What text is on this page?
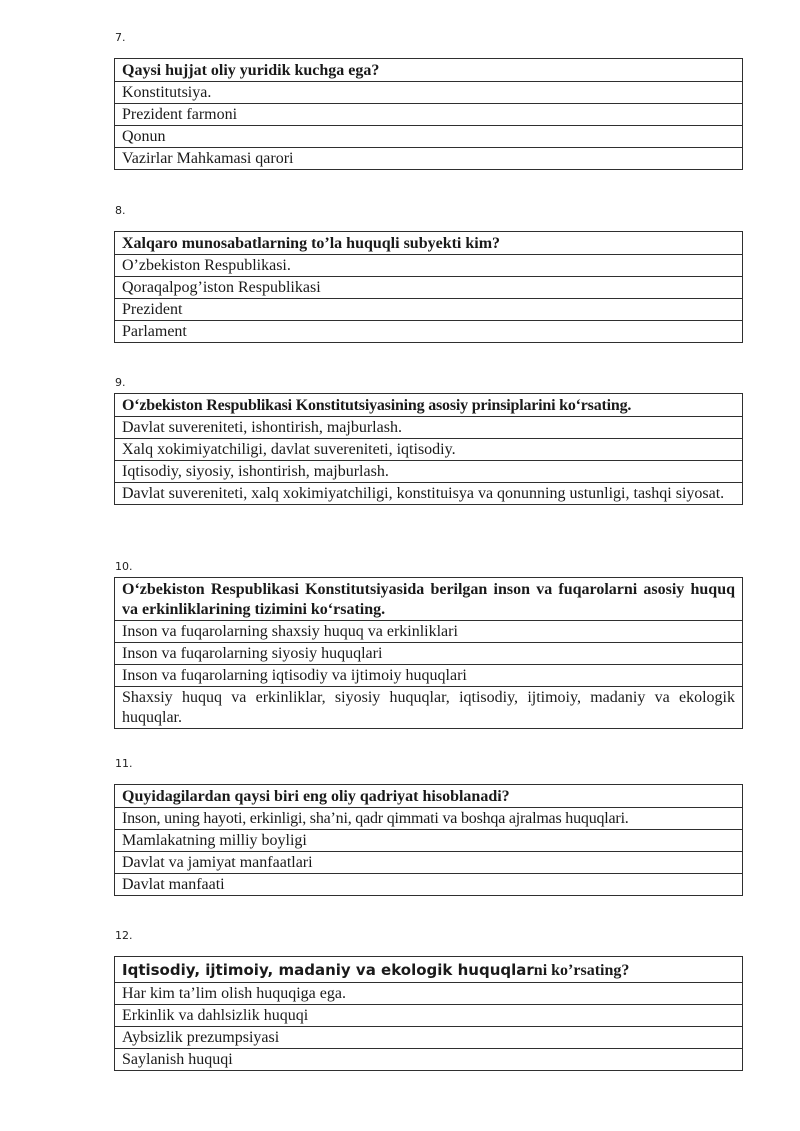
7.
Qaysi hujjat oliy yuridik kuchga ega?
Konstitutsiya.
Prezident farmoni
Qonun
Vazirlar Mahkamasi qarori
8.
Xalqaro munosabatlarning to’la huquqli subyekti kim?
O’zbekiston Respublikasi.
Qoraqalpog’iston Respublikasi
Prezident
Parlament
9.
O‘zbekiston Respublikasi Konstitutsiyasining asosiy prinsiplarini ko‘rsating.
Davlat suvereniteti, ishontirish, majburlash.
Xalq xokimiyatchiligi, davlat suvereniteti, iqtisodiy.
Iqtisodiy, siyosiy, ishontirish, majburlash.
Davlat suvereniteti, xalq xokimiyatchiligi, konstituisya va qonunning ustunligi, tashqi siyosat.
10.
O‘zbekiston Respublikasi Konstitutsiyasida berilgan inson va fuqarolarni asosiy huquq va erkinliklarining tizimini ko‘rsating.
Inson va fuqarolarning shaxsiy huquq va erkinliklari
Inson va fuqarolarning siyosiy huquqlari
Inson va fuqarolarning iqtisodiy va ijtimoiy huquqlari
Shaxsiy huquq va erkinliklar, siyosiy huquqlar, iqtisodiy, ijtimoiy, madaniy va ekologik huquqlar.
11.
Quyidagilardan qaysi biri eng oliy qadriyat hisoblanadi?
Inson, uning hayoti, erkinligi, sha’ni, qadr qimmati va boshqa ajralmas huquqlari.
Mamlakatning milliy boyligi
Davlat va jamiyat manfaatlari
Davlat manfaati
12.
Iqtisodiy, ijtimoiy, madaniy va ekologik huquqlarni ko’rsating?
Har kim ta’lim olish huquqiga ega.
Erkinlik va dahlsizlik huquqi
Aybsizlik prezumpsiyasi
Saylanish huquqi
